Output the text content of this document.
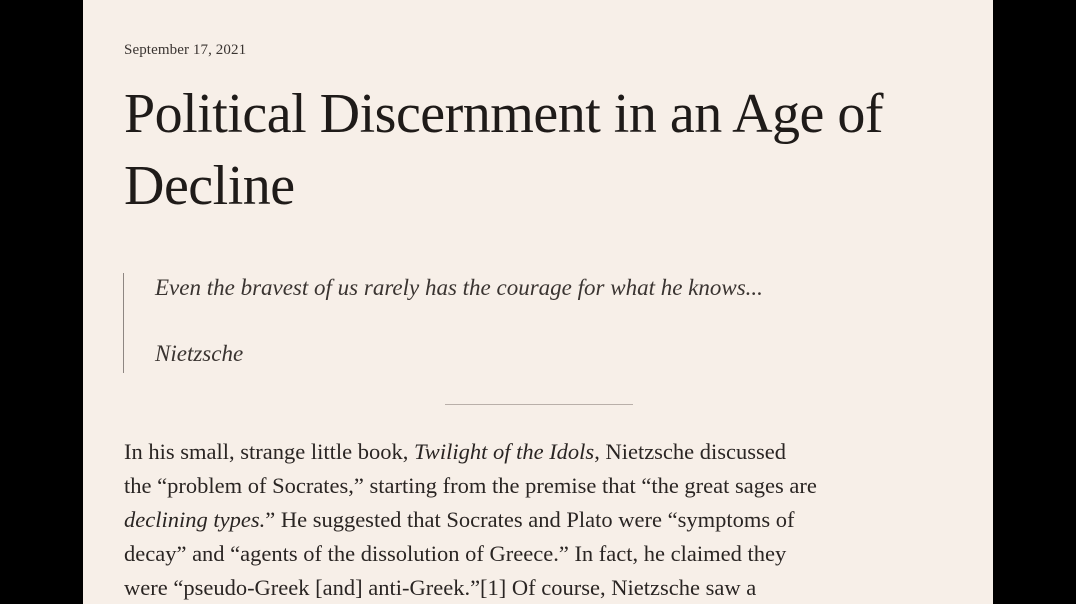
September 17, 2021
Political Discernment in an Age of Decline
Even the bravest of us rarely has the courage for what he knows...
Nietzsche

In his small, strange little book, Twilight of the Idols, Nietzsche discussed
the “problem of Socrates,” starting from the premise that “the great sages are
declining types.” He suggested that Socrates and Plato were “symptoms of
decay” and “agents of the dissolution of Greece.” In fact, he claimed they
were “pseudo-Greek [and] anti-Greek.”[1] Of course, Nietzsche saw a
